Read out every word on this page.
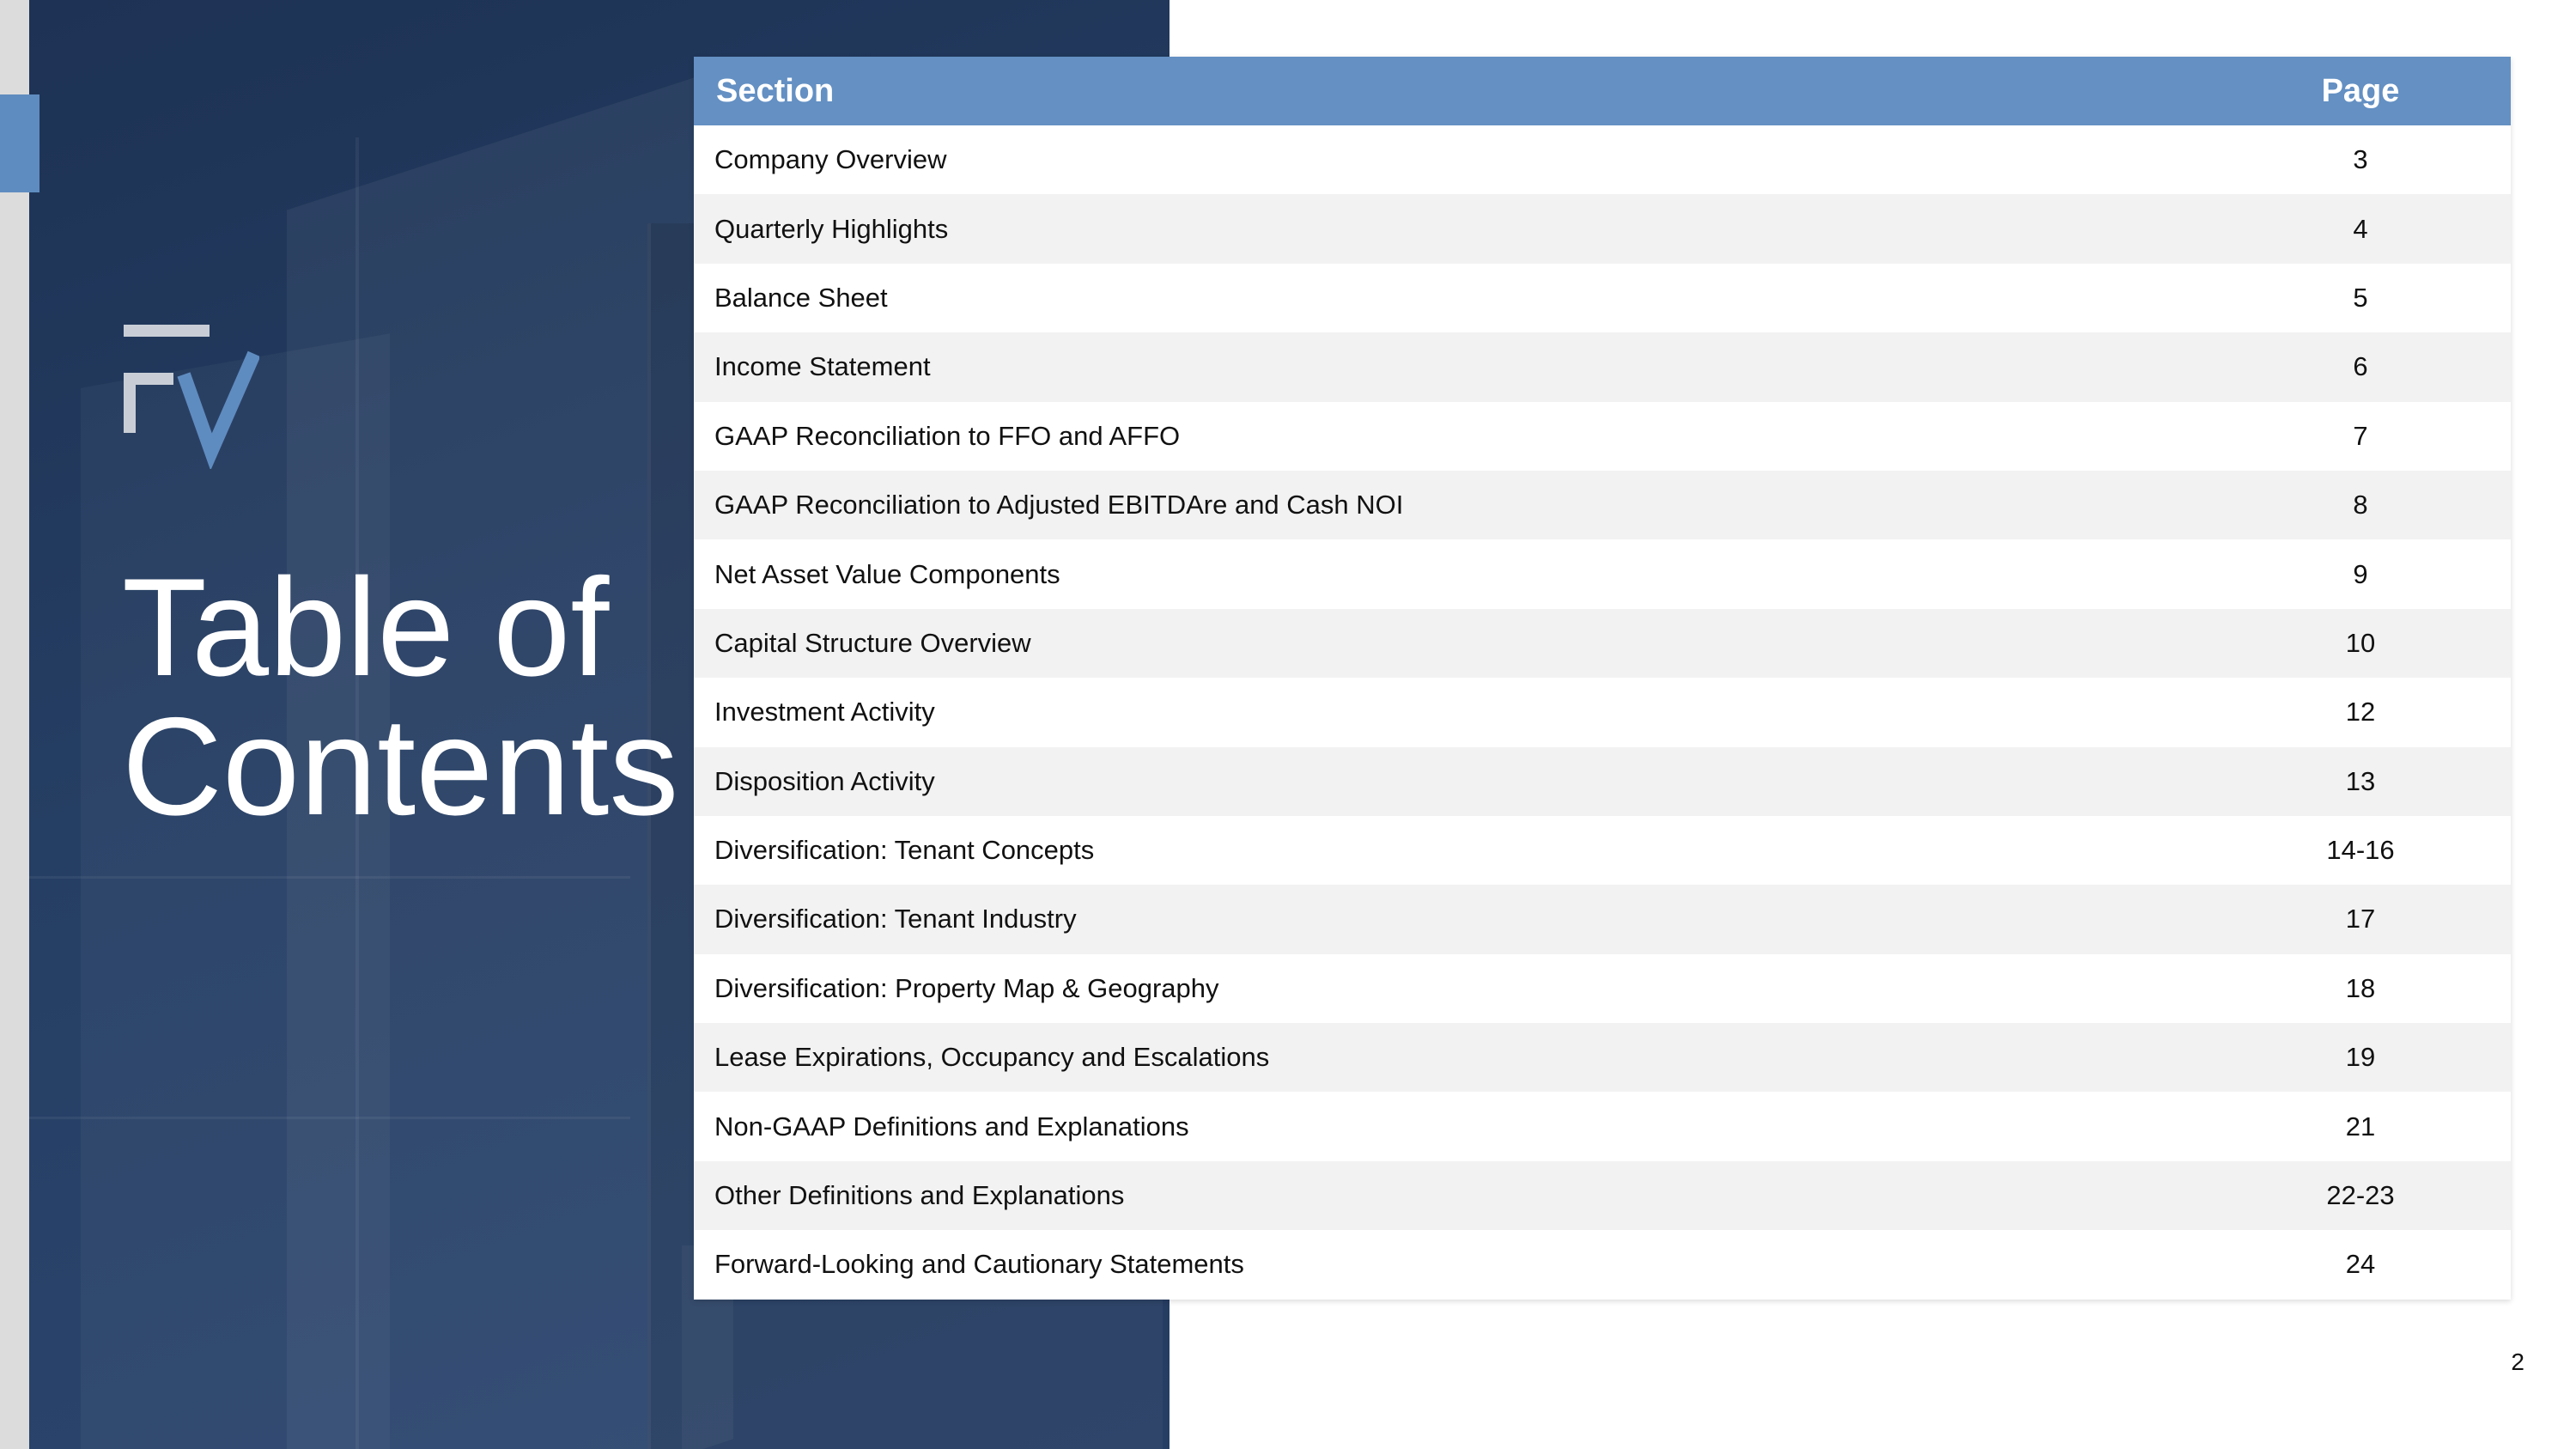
Table of
Contents
Section	Page
Company Overview	3
Quarterly Highlights	4
Balance Sheet	5
Income Statement	6
GAAP Reconciliation to FFO and AFFO	7
GAAP Reconciliation to Adjusted EBITDAre and Cash NOI	8
Net Asset Value Components	9
Capital Structure Overview	10
Investment Activity	12
Disposition Activity	13
Diversification: Tenant Concepts	14-16
Diversification: Tenant Industry	17
Diversification: Property Map & Geography	18
Lease Expirations, Occupancy and Escalations	19
Non-GAAP Definitions and Explanations	21
Other Definitions and Explanations	22-23
Forward-Looking and Cautionary Statements	24
2
